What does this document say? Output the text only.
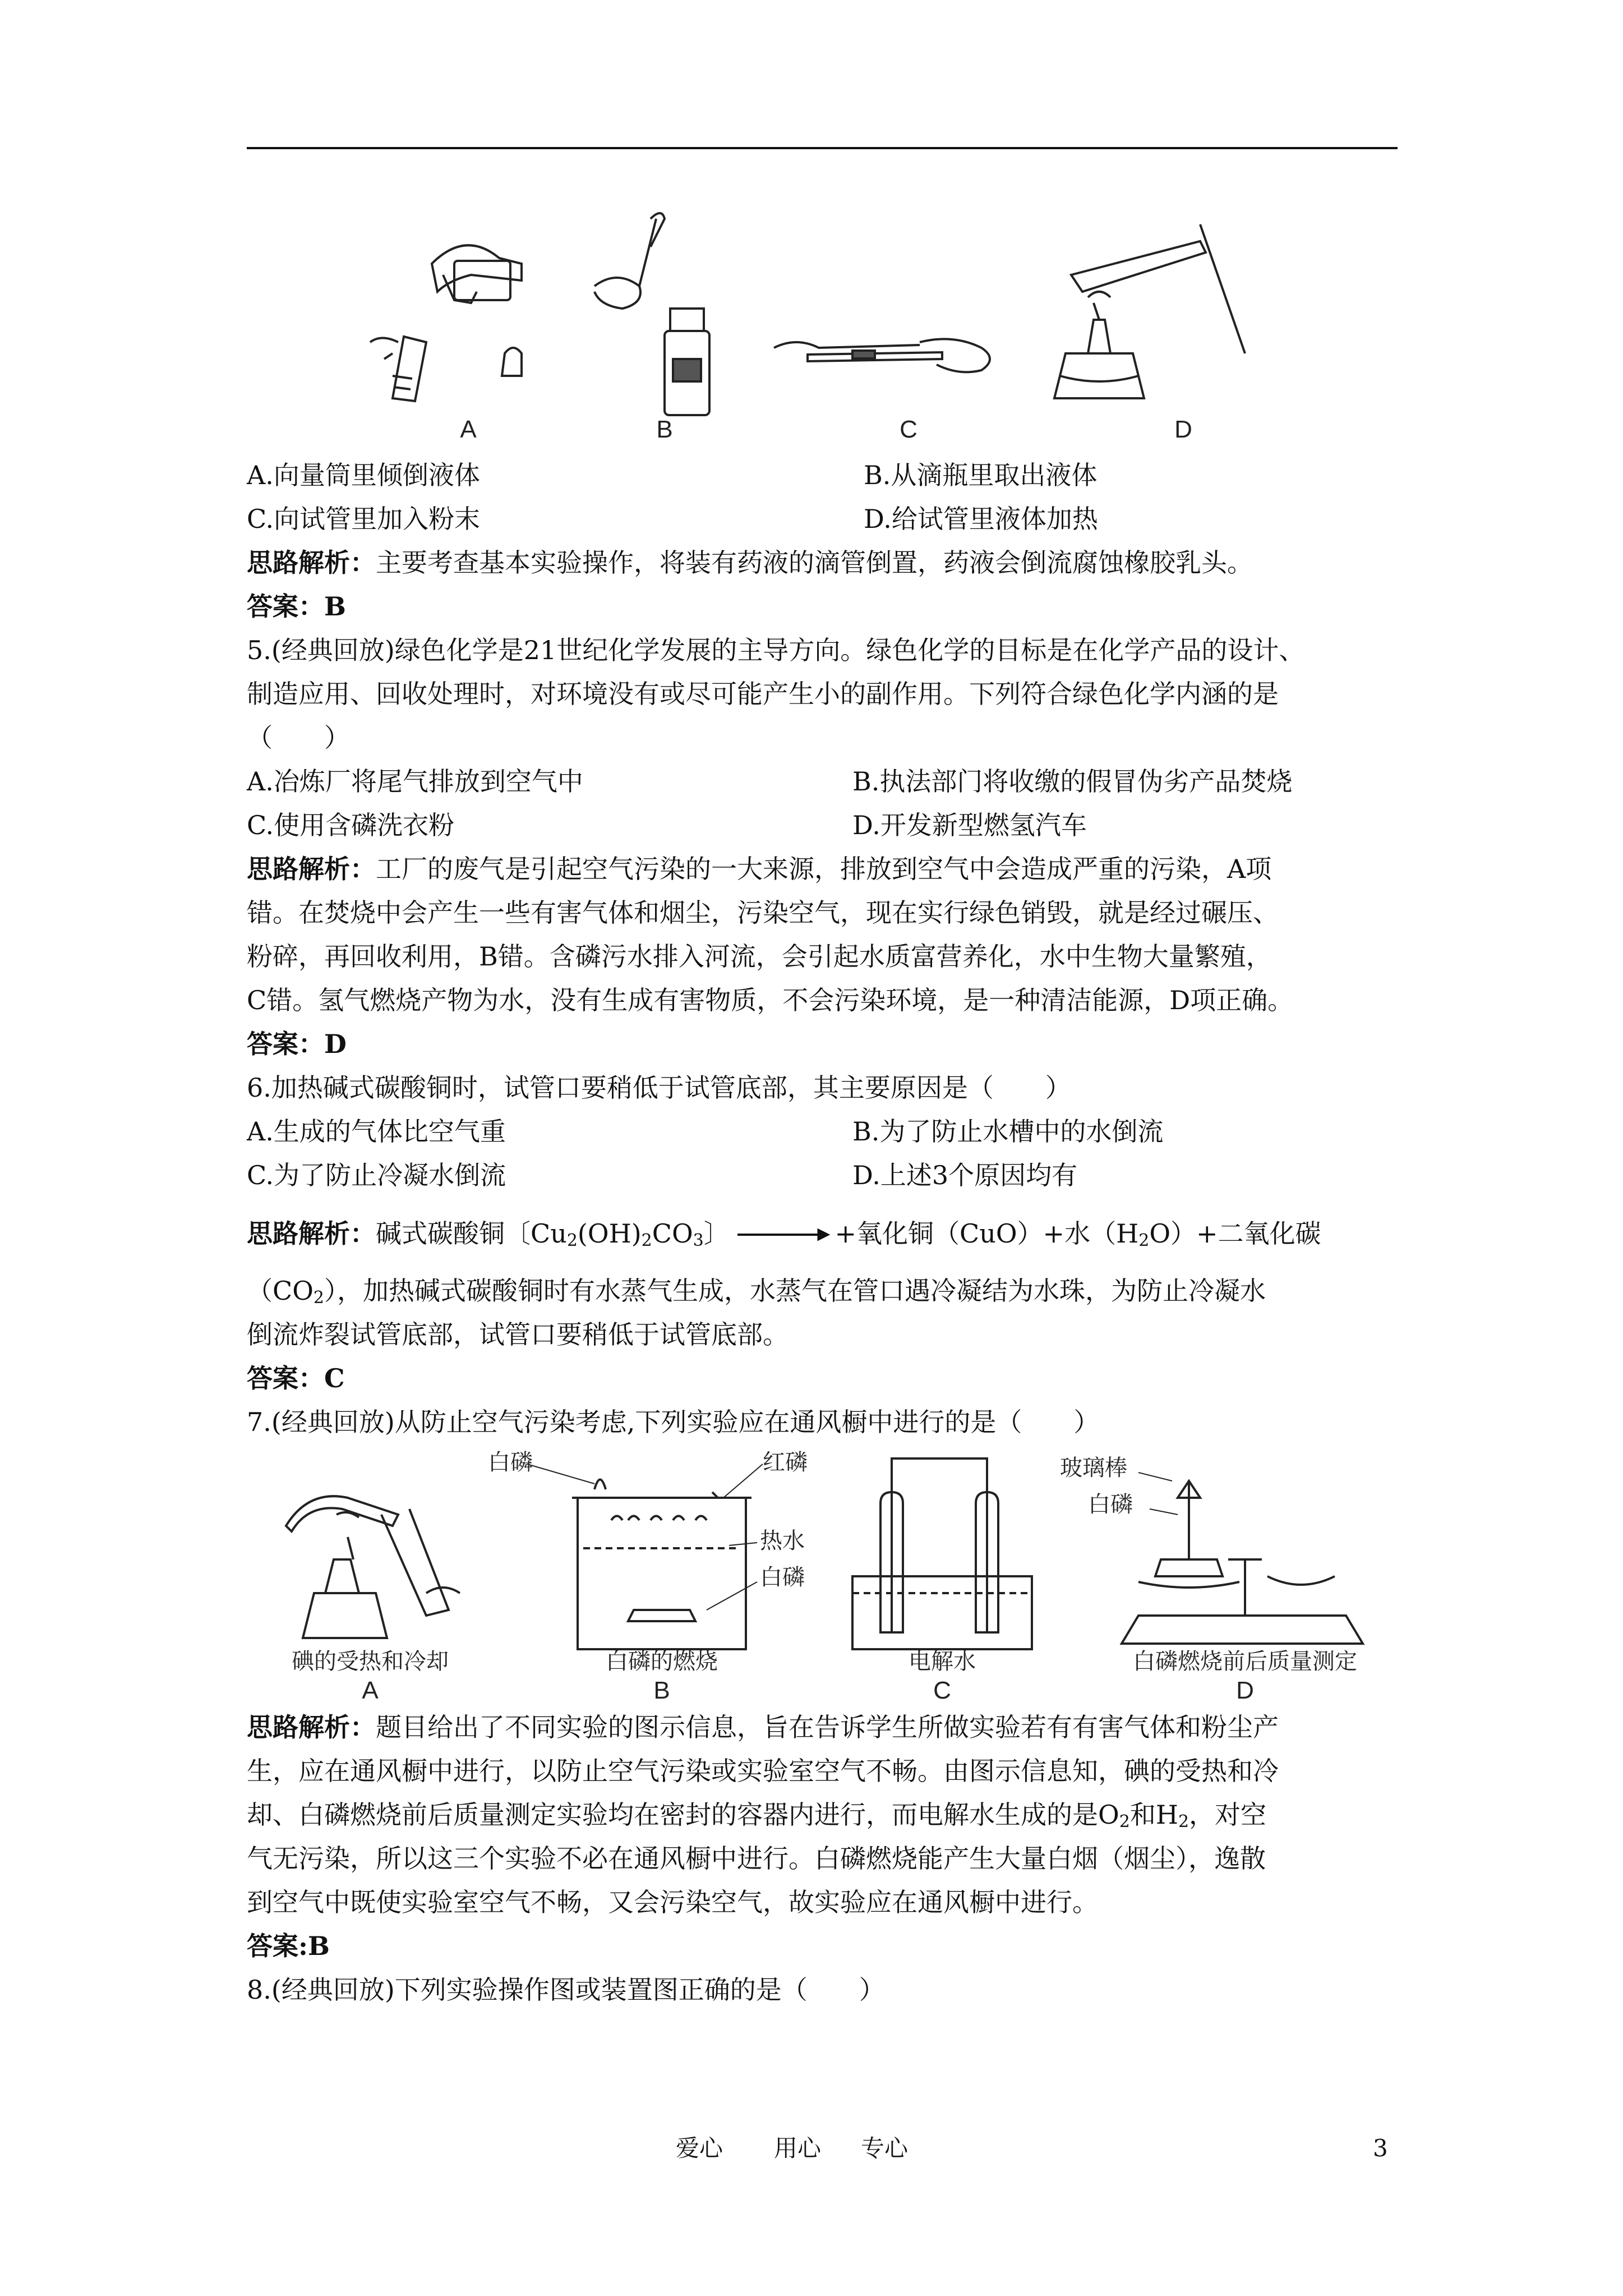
A	B	C	D
A.向量筒里倾倒液体	B.从滴瓶里取出液体
C.向试管里加入粉末	D.给试管里液体加热
思路解析：主要考查基本实验操作，将装有药液的滴管倒置，药液会倒流腐蚀橡胶乳头。
答案：B
5.(经典回放)绿色化学是21世纪化学发展的主导方向。绿色化学的目标是在化学产品的设计、
制造应用、回收处理时，对环境没有或尽可能产生小的副作用。下列符合绿色化学内涵的是
（　　）
A.冶炼厂将尾气排放到空气中	B.执法部门将收缴的假冒伪劣产品焚烧
C.使用含磷洗衣粉	D.开发新型燃氢汽车
思路解析：工厂的废气是引起空气污染的一大来源，排放到空气中会造成严重的污染，A项
错。在焚烧中会产生一些有害气体和烟尘，污染空气，现在实行绿色销毁，就是经过碾压、
粉碎，再回收利用，B错。含磷污水排入河流，会引起水质富营养化，水中生物大量繁殖，
C错。氢气燃烧产物为水，没有生成有害物质，不会污染环境，是一种清洁能源，D项正确。
答案：D
6.加热碱式碳酸铜时，试管口要稍低于试管底部，其主要原因是（　　）
A.生成的气体比空气重	B.为了防止水槽中的水倒流
C.为了防止冷凝水倒流	D.上述3个原因均有
思路解析：碱式碳酸铜〔$Cu_2(OH)_2CO_3$〕	▸ +氧化铜（CuO）+水$(H_2O)+$二氧化碳
$(CO_2)$，加热碱式碳酸铜时有水蒸气生成，水蒸气在管口遇冷凝结为水珠，为防止冷凝水
倒流炸裂试管底部，试管口要稍低于试管底部。
答案：C
7.(经典回放)从防止空气污染考虑,下列实验应在通风橱中进行的是（　　）
白磷	红磷
热水
白磷
玻璃棒
白磷
碘的受热和冷却	白磷的燃烧	电解水	白磷燃烧前后质量测定
A	B	C	D
思路解析：题目给出了不同实验的图示信息，旨在告诉学生所做实验若有有害气体和粉尘产
生，应在通风橱中进行，以防止空气污染或实验室空气不畅。由图示信息知，碘的受热和冷
却、白磷燃烧前后质量测定实验均在密封的容器内进行，而电解水生成的是$O_2$和$H_2$，对空
气无污染，所以这三个实验不必在通风橱中进行。白磷燃烧能产生大量白烟（烟尘），逸散
到空气中既使实验室空气不畅，又会污染空气，故实验应在通风橱中进行。
答案:B
8.(经典回放)下列实验操作图或装置图正确的是（　　）
爱心 用心 专心	3
